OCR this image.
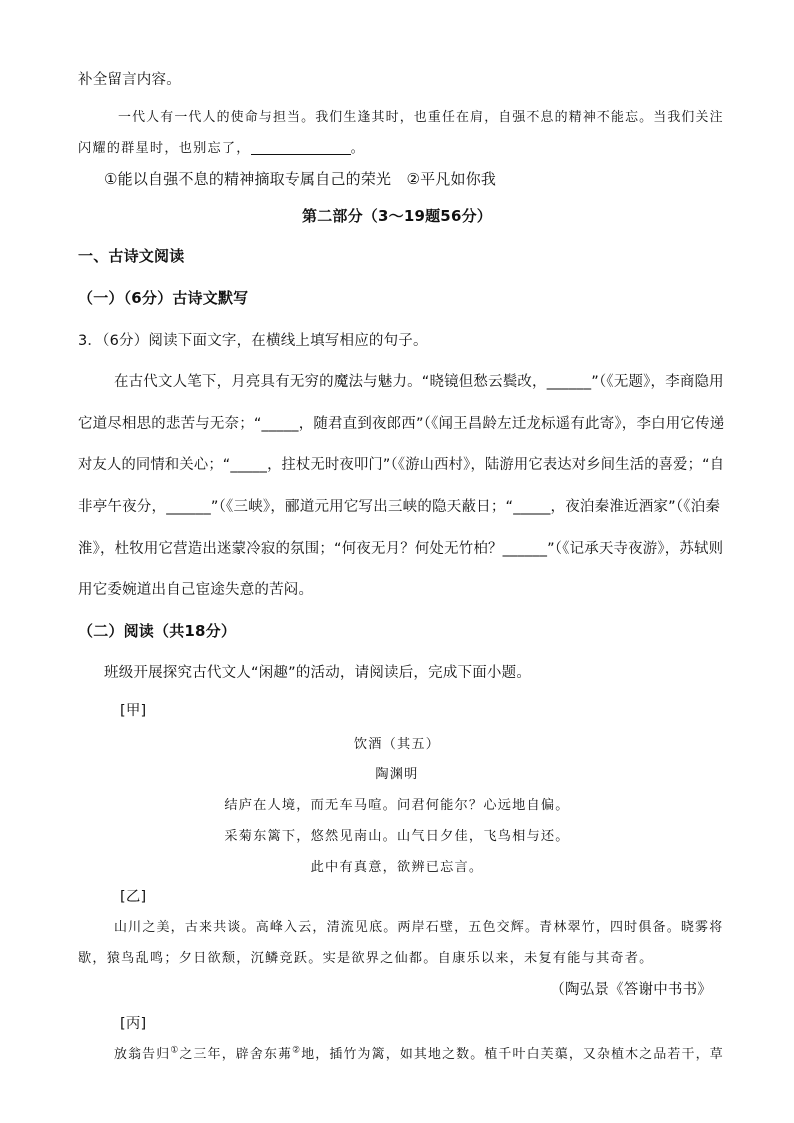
补全留言内容。
一代人有一代人的使命与担当。我们生逢其时，也重任在肩，自强不息的精神不能忘。当我们关注
闪耀的群星时，也别忘了，	。
①能以自强不息的精神摘取专属自己的荣光　②平凡如你我
第二部分（3～19题56分）
一、古诗文阅读
（一）（6分）古诗文默写
3．（6分）阅读下面文字，在横线上填写相应的句子。
在古代文人笔下，月亮具有无穷的魔法与魅力。“晓镜但愁云鬓改，______”（《无题》，李商隐用
它道尽相思的悲苦与无奈；“_____，随君直到夜郎西”（《闻王昌龄左迁龙标遥有此寄》，李白用它传递
对友人的同情和关心；“_____，拄杖无时夜叩门”（《游山西村》，陆游用它表达对乡间生活的喜爱；“自
非亭午夜分，______”（《三峡》，郦道元用它写出三峡的隐天蔽日；“_____，夜泊秦淮近酒家”（《泊秦
淮》，杜牧用它营造出迷蒙冷寂的氛围；“何夜无月？何处无竹柏？______”（《记承天寺夜游》，苏轼则
用它委婉道出自己宦途失意的苦闷。
（二）阅读（共18分）
班级开展探究古代文人“闲趣”的活动，请阅读后，完成下面小题。
[甲]
饮酒（其五）
陶渊明
结庐在人境，而无车马喧。问君何能尔？心远地自偏。
采菊东篱下，悠然见南山。山气日夕佳，飞鸟相与还。
此中有真意，欲辨已忘言。
[乙]
山川之美，古来共谈。高峰入云，清流见底。两岸石壁，五色交辉。青林翠竹，四时俱备。晓雾将
歇，猿鸟乱鸣；夕日欲颓，沉鳞竞跃。实是欲界之仙都。自康乐以来，未复有能与其奇者。
（陶弘景《答谢中书书》
[丙]
放翁告归①之三年，辟舍东茀②地，插竹为篱，如其地之数。植千叶白芙蕖，又杂植木之品若干，草
